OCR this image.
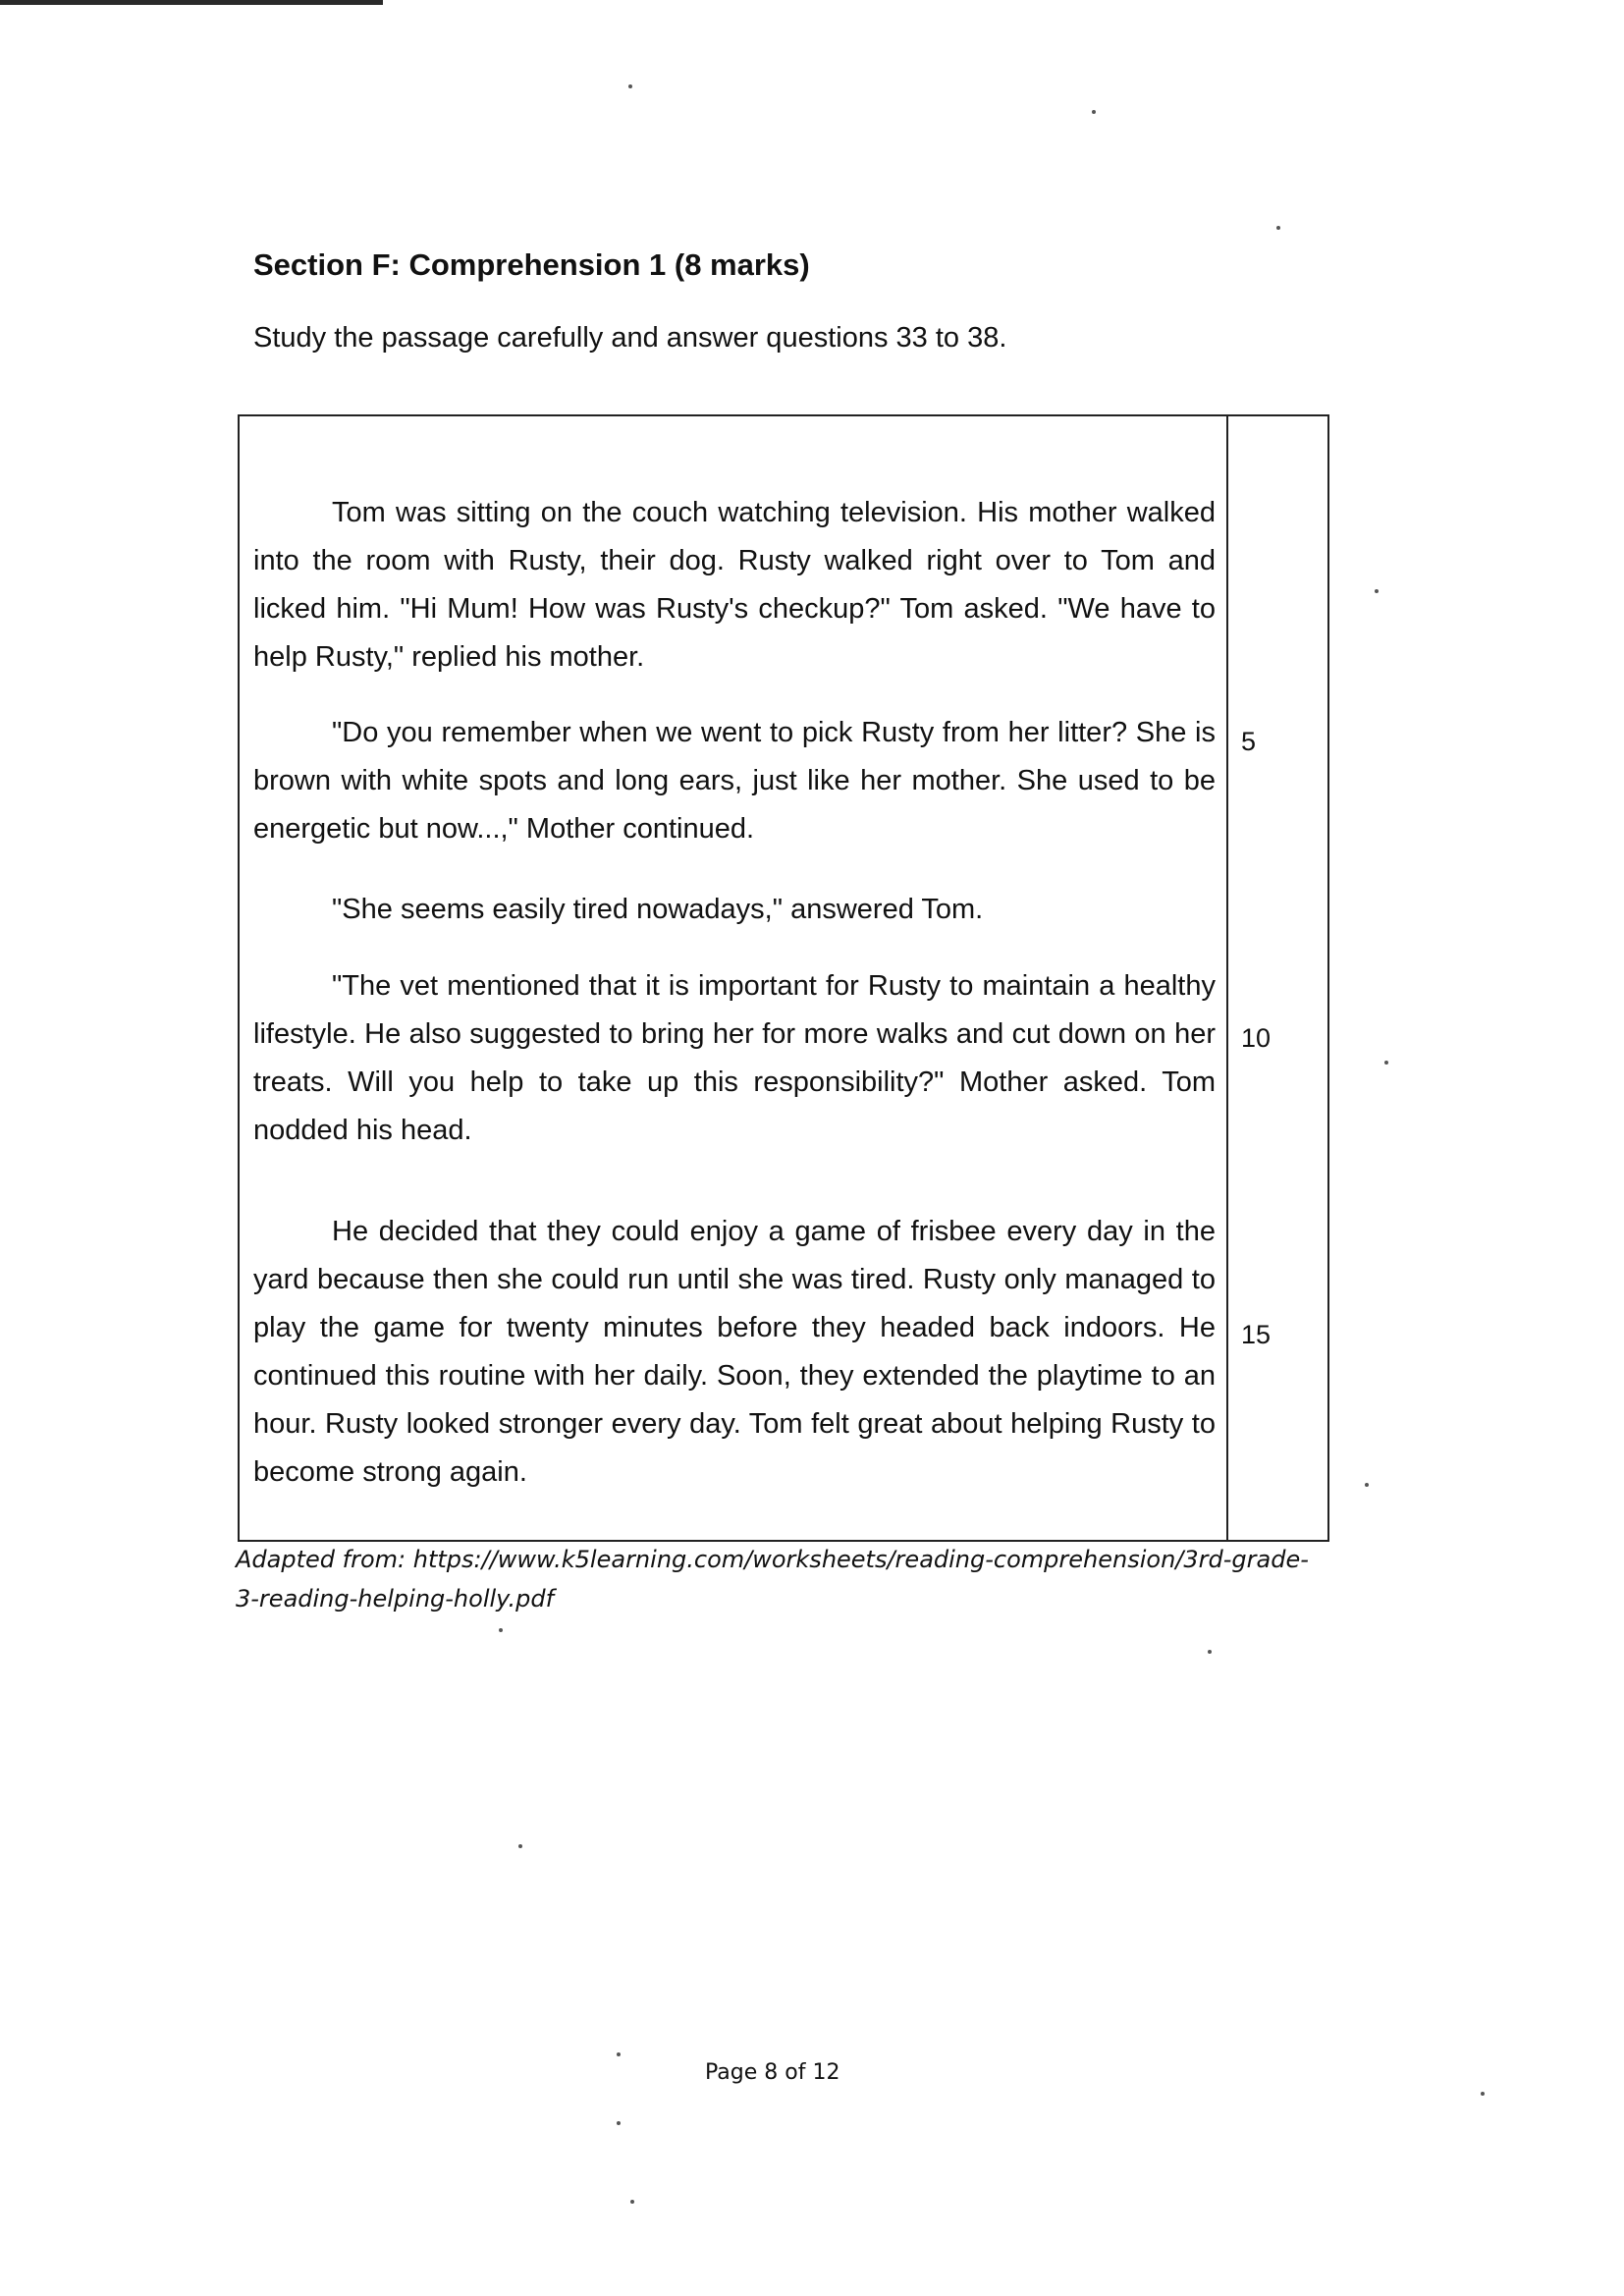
Section F: Comprehension 1 (8 marks)

Study the passage carefully and answer questions 33 to 38.

Tom was sitting on the couch watching television. His mother walked into the room with Rusty, their dog. Rusty walked right over to Tom and licked him. "Hi Mum! How was Rusty's checkup?" Tom asked. "We have to help Rusty," replied his mother.

"Do you remember when we went to pick Rusty from her litter? She is brown with white spots and long ears, just like her mother. She used to be energetic but now...," Mother continued.

"She seems easily tired nowadays," answered Tom.

"The vet mentioned that it is important for Rusty to maintain a healthy lifestyle. He also suggested to bring her for more walks and cut down on her treats. Will you help to take up this responsibility?" Mother asked. Tom nodded his head.

He decided that they could enjoy a game of frisbee every day in the yard because then she could run until she was tired. Rusty only managed to play the game for twenty minutes before they headed back indoors. He continued this routine with her daily. Soon, they extended the playtime to an hour. Rusty looked stronger every day. Tom felt great about helping Rusty to become strong again.

5

10

15

Adapted from: https://www.k5learning.com/worksheets/reading-comprehension/3rd-grade-3-reading-helping-holly.pdf

Page 8 of 12
